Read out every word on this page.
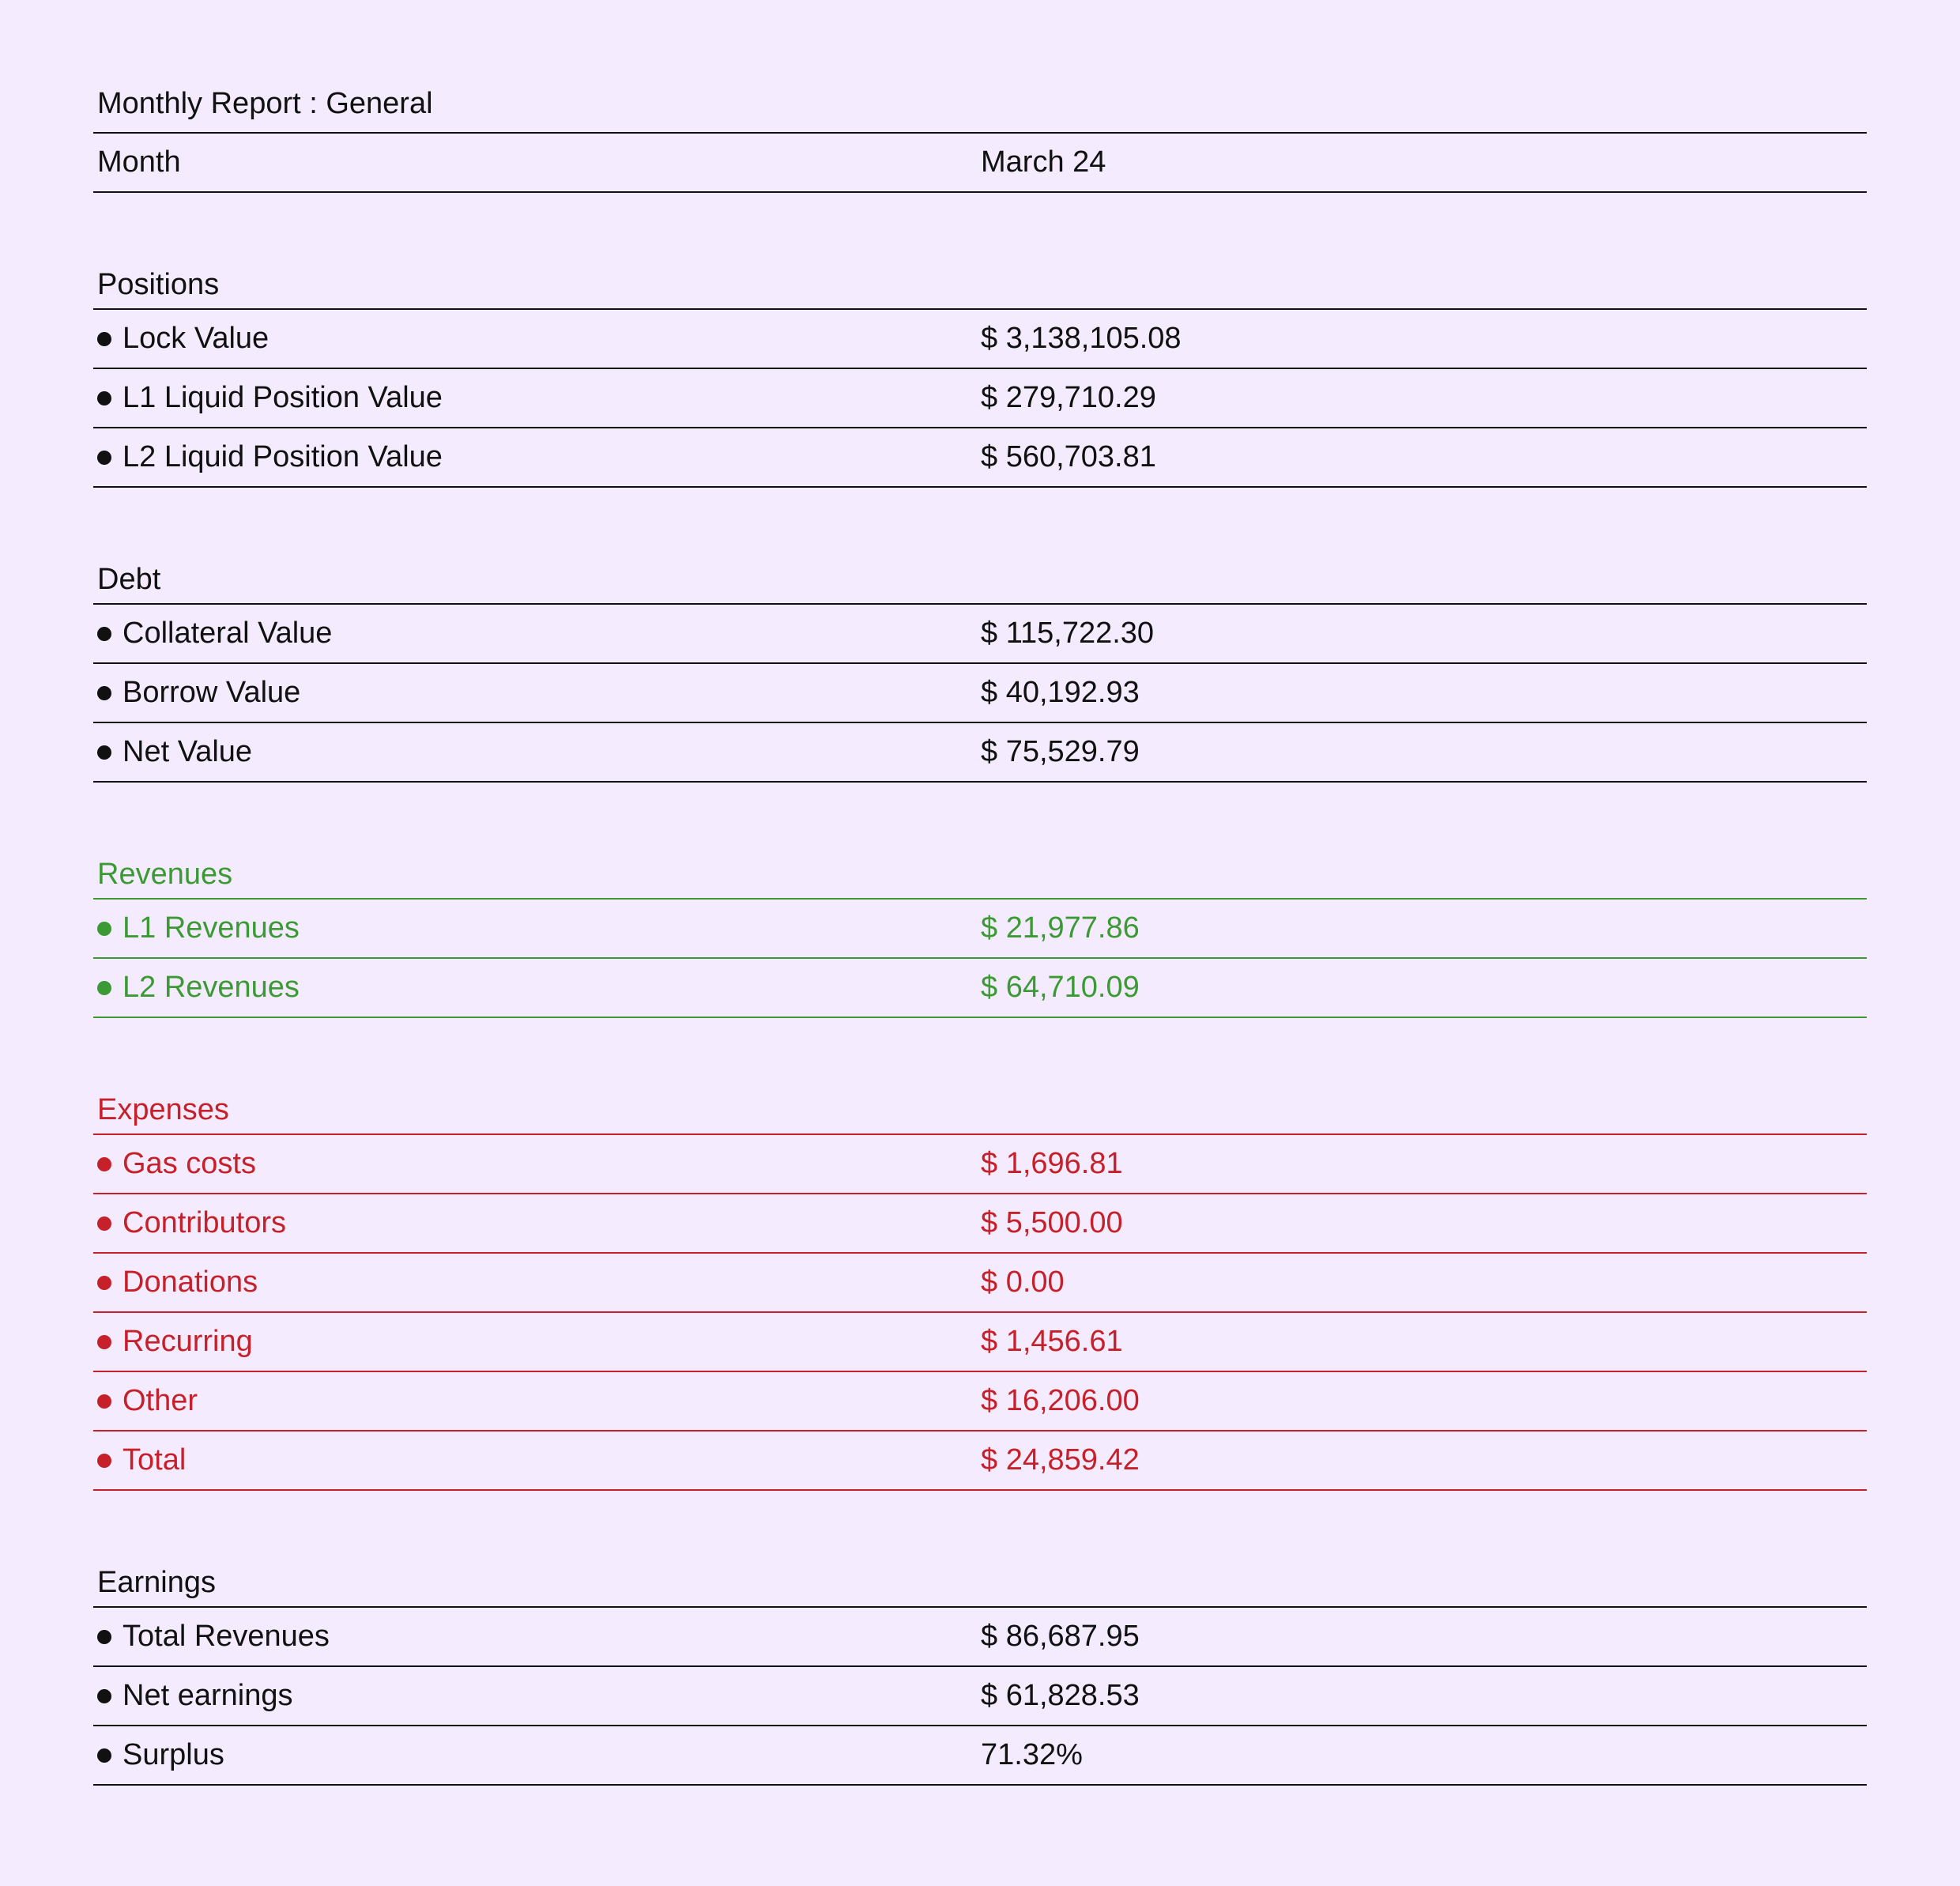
Monthly Report : General
Month	March 24
Positions
Lock Value	$ 3,138,105.08
L1 Liquid Position Value	$ 279,710.29
L2 Liquid Position Value	$ 560,703.81
Debt
Collateral Value	$ 115,722.30
Borrow Value	$ 40,192.93
Net Value	$ 75,529.79
Revenues
L1 Revenues	$ 21,977.86
L2 Revenues	$ 64,710.09
Expenses
Gas costs	$ 1,696.81
Contributors	$ 5,500.00
Donations	$ 0.00
Recurring	$ 1,456.61
Other	$ 16,206.00
Total	$ 24,859.42
Earnings
Total Revenues	$ 86,687.95
Net earnings	$ 61,828.53
Surplus	71.32%
